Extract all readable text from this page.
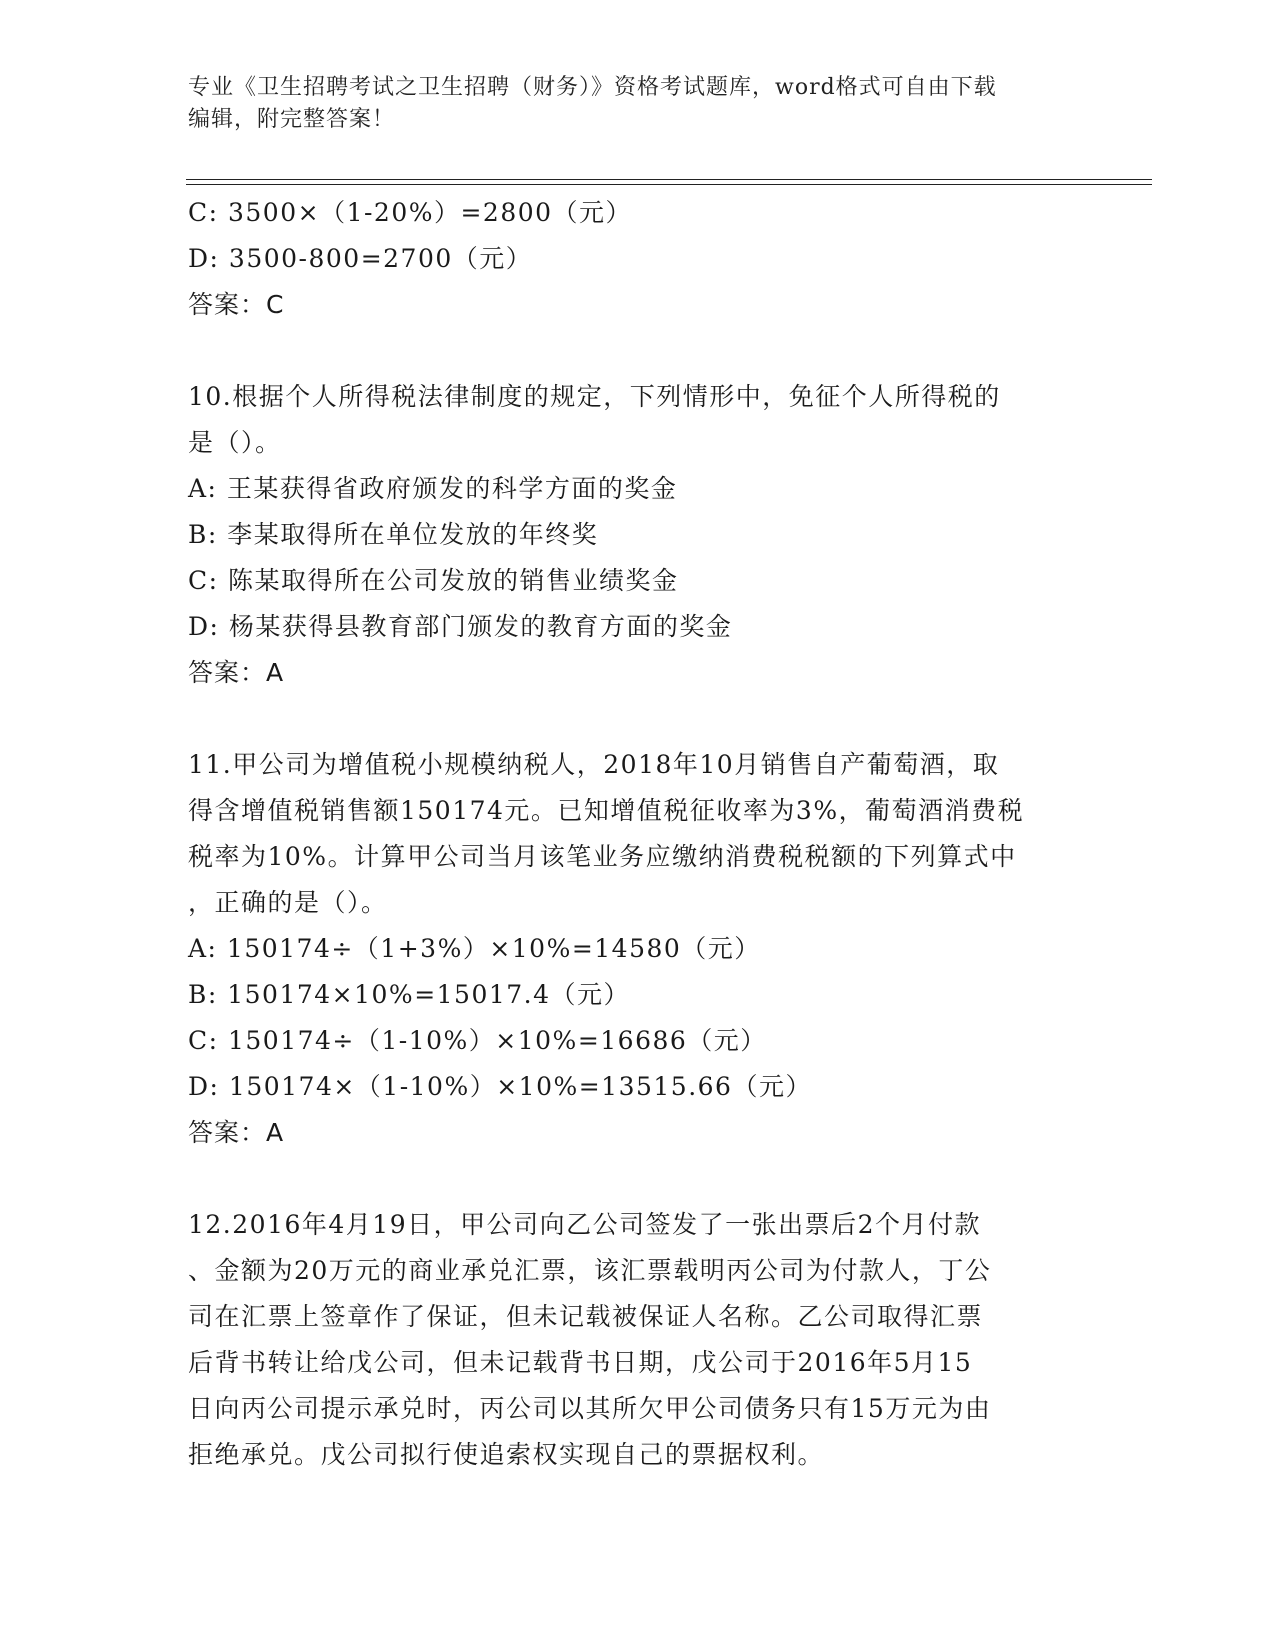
专业《卫生招聘考试之卫生招聘（财务）》资格考试题库，word格式可自由下载
编辑，附完整答案！
C: 3500×（1-20%）=2800（元）
D: 3500-800=2700（元）
答案：C
10.根据个人所得税法律制度的规定，下列情形中，免征个人所得税的
是（）。
A: 王某获得省政府颁发的科学方面的奖金
B: 李某取得所在单位发放的年终奖
C: 陈某取得所在公司发放的销售业绩奖金
D: 杨某获得县教育部门颁发的教育方面的奖金
答案：A
11.甲公司为增值税小规模纳税人，2018年10月销售自产葡萄酒，取
得含增值税销售额150174元。已知增值税征收率为3%，葡萄酒消费税
税率为10%。计算甲公司当月该笔业务应缴纳消费税税额的下列算式中
，正确的是（）。
A: 150174÷（1+3%）×10%=14580（元）
B: 150174×10%=15017.4（元）
C: 150174÷（1-10%）×10%=16686（元）
D: 150174×（1-10%）×10%=13515.66（元）
答案：A
12.2016年4月19日，甲公司向乙公司签发了一张出票后2个月付款
、金额为20万元的商业承兑汇票，该汇票载明丙公司为付款人，丁公
司在汇票上签章作了保证，但未记载被保证人名称。乙公司取得汇票
后背书转让给戊公司，但未记载背书日期，戊公司于2016年5月15
日向丙公司提示承兑时，丙公司以其所欠甲公司债务只有15万元为由
拒绝承兑。戊公司拟行使追索权实现自己的票据权利。
